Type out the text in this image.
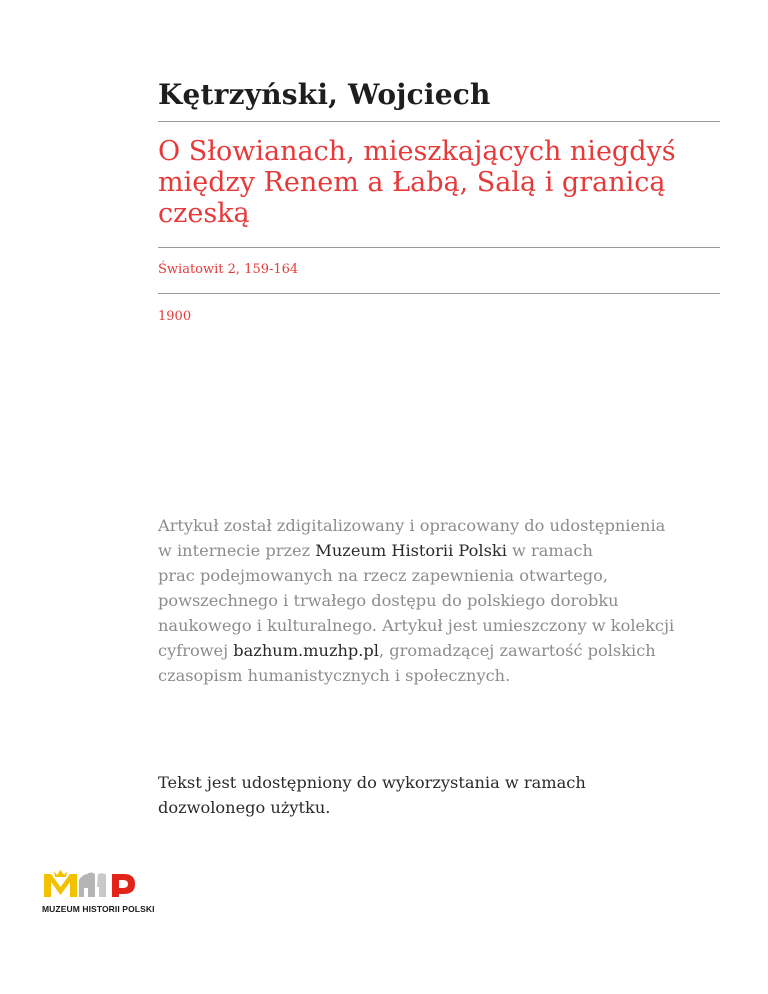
Kętrzyński, Wojciech
O Słowianach, mieszkających niegdyś
między Renem a Łabą, Salą i granicą
czeską
Światowit 2, 159-164
1900

Artykuł został zdigitalizowany i opracowany do udostępnienia
w internecie przez Muzeum Historii Polski w ramach
prac podejmowanych na rzecz zapewnienia otwartego,
powszechnego i trwałego dostępu do polskiego dorobku
naukowego i kulturalnego. Artykuł jest umieszczony w kolekcji
cyfrowej bazhum.muzhp.pl, gromadzącej zawartość polskich
czasopism humanistycznych i społecznych.

Tekst jest udostępniony do wykorzystania w ramach
dozwolonego użytku.

MUZEUM HISTORII POLSKI
